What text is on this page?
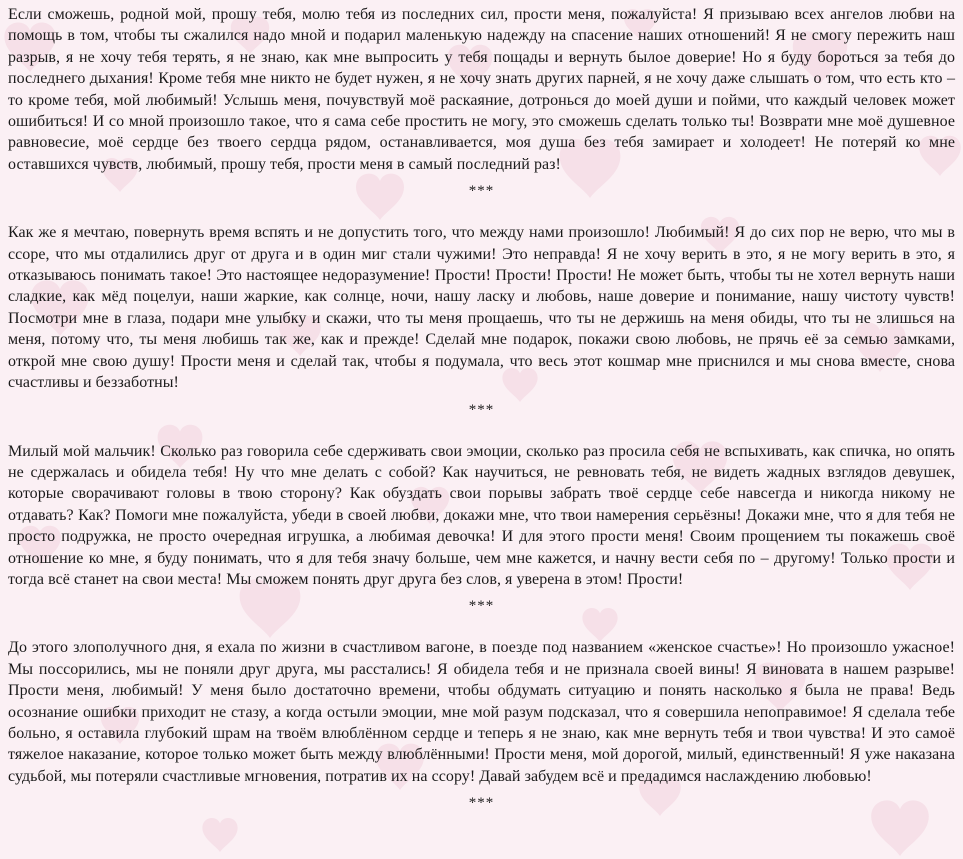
Если сможешь, родной мой, прошу тебя, молю тебя из последних сил, прости меня, пожалуйста! Я призываю всех ангелов любви на помощь в том, чтобы ты сжалился надо мной и подарил маленькую надежду на спасение наших отношений! Я не смогу пережить наш разрыв, я не хочу тебя терять, я не знаю, как мне выпросить у тебя пощады и вернуть былое доверие! Но я буду бороться за тебя до последнего дыхания! Кроме тебя мне никто не будет нужен, я не хочу знать других парней, я не хочу даже слышать о том, что есть кто – то кроме тебя, мой любимый! Услышь меня, почувствуй моё раскаяние, дотронься до моей души и пойми, что каждый человек может ошибиться! И со мной произошло такое, что я сама себе простить не могу, это сможешь сделать только ты! Возврати мне моё душевное равновесие, моё сердце без твоего сердца рядом, останавливается, моя душа без тебя замирает и холодеет! Не потеряй ко мне оставшихся чувств, любимый, прошу тебя, прости меня в самый последний раз!

***

Как же я мечтаю, повернуть время вспять и не допустить того, что между нами произошло! Любимый! Я до сих пор не верю, что мы в ссоре, что мы отдалились друг от друга и в один миг стали чужими! Это неправда! Я не хочу верить в это, я не могу верить в это, я отказываюсь понимать такое! Это настоящее недоразумение! Прости! Прости! Прости! Не может быть, чтобы ты не хотел вернуть наши сладкие, как мёд поцелуи, наши жаркие, как солнце, ночи, нашу ласку и любовь, наше доверие и понимание, нашу чистоту чувств! Посмотри мне в глаза, подари мне улыбку и скажи, что ты меня прощаешь, что ты не держишь на меня обиды, что ты не злишься на меня, потому что, ты меня любишь так же, как и прежде! Сделай мне подарок, покажи свою любовь, не прячь её за семью замками, открой мне свою душу! Прости меня и сделай так, чтобы я подумала, что весь этот кошмар мне приснился и мы снова вместе, снова счастливы и беззаботны!

***

Милый мой мальчик! Сколько раз говорила себе сдерживать свои эмоции, сколько раз просила себя не вспыхивать, как спичка, но опять не сдержалась и обидела тебя! Ну что мне делать с собой? Как научиться, не ревновать тебя, не видеть жадных взглядов девушек, которые сворачивают головы в твою сторону? Как обуздать свои порывы забрать твоё сердце себе навсегда и никогда никому не отдавать? Как? Помоги мне пожалуйста, убеди в своей любви, докажи мне, что твои намерения серьёзны! Докажи мне, что я для тебя не просто подружка, не просто очередная игрушка, а любимая девочка! И для этого прости меня! Своим прощением ты покажешь своё отношение ко мне, я буду понимать, что я для тебя значу больше, чем мне кажется, и начну вести себя по – другому! Только прости и тогда всё станет на свои места! Мы сможем понять друг друга без слов, я уверена в этом! Прости!

***

До этого злополучного дня, я ехала по жизни в счастливом вагоне, в поезде под названием «женское счастье»! Но произошло ужасное! Мы поссорились, мы не поняли друг друга, мы расстались! Я обидела тебя и не признала своей вины! Я виновата в нашем разрыве! Прости меня, любимый! У меня было достаточно времени, чтобы обдумать ситуацию и понять насколько я была не права! Ведь осознание ошибки приходит не стазу, а когда остыли эмоции, мне мой разум подсказал, что я совершила непоправимое! Я сделала тебе больно, я оставила глубокий шрам на твоём влюблённом сердце и теперь я не знаю, как мне вернуть тебя и твои чувства! И это самоё тяжелое наказание, которое только может быть между влюблёнными! Прости меня, мой дорогой, милый, единственный! Я уже наказана судьбой, мы потеряли счастливые мгновения, потратив их на ссору! Давай забудем всё и предадимся наслаждению любовью!

***
